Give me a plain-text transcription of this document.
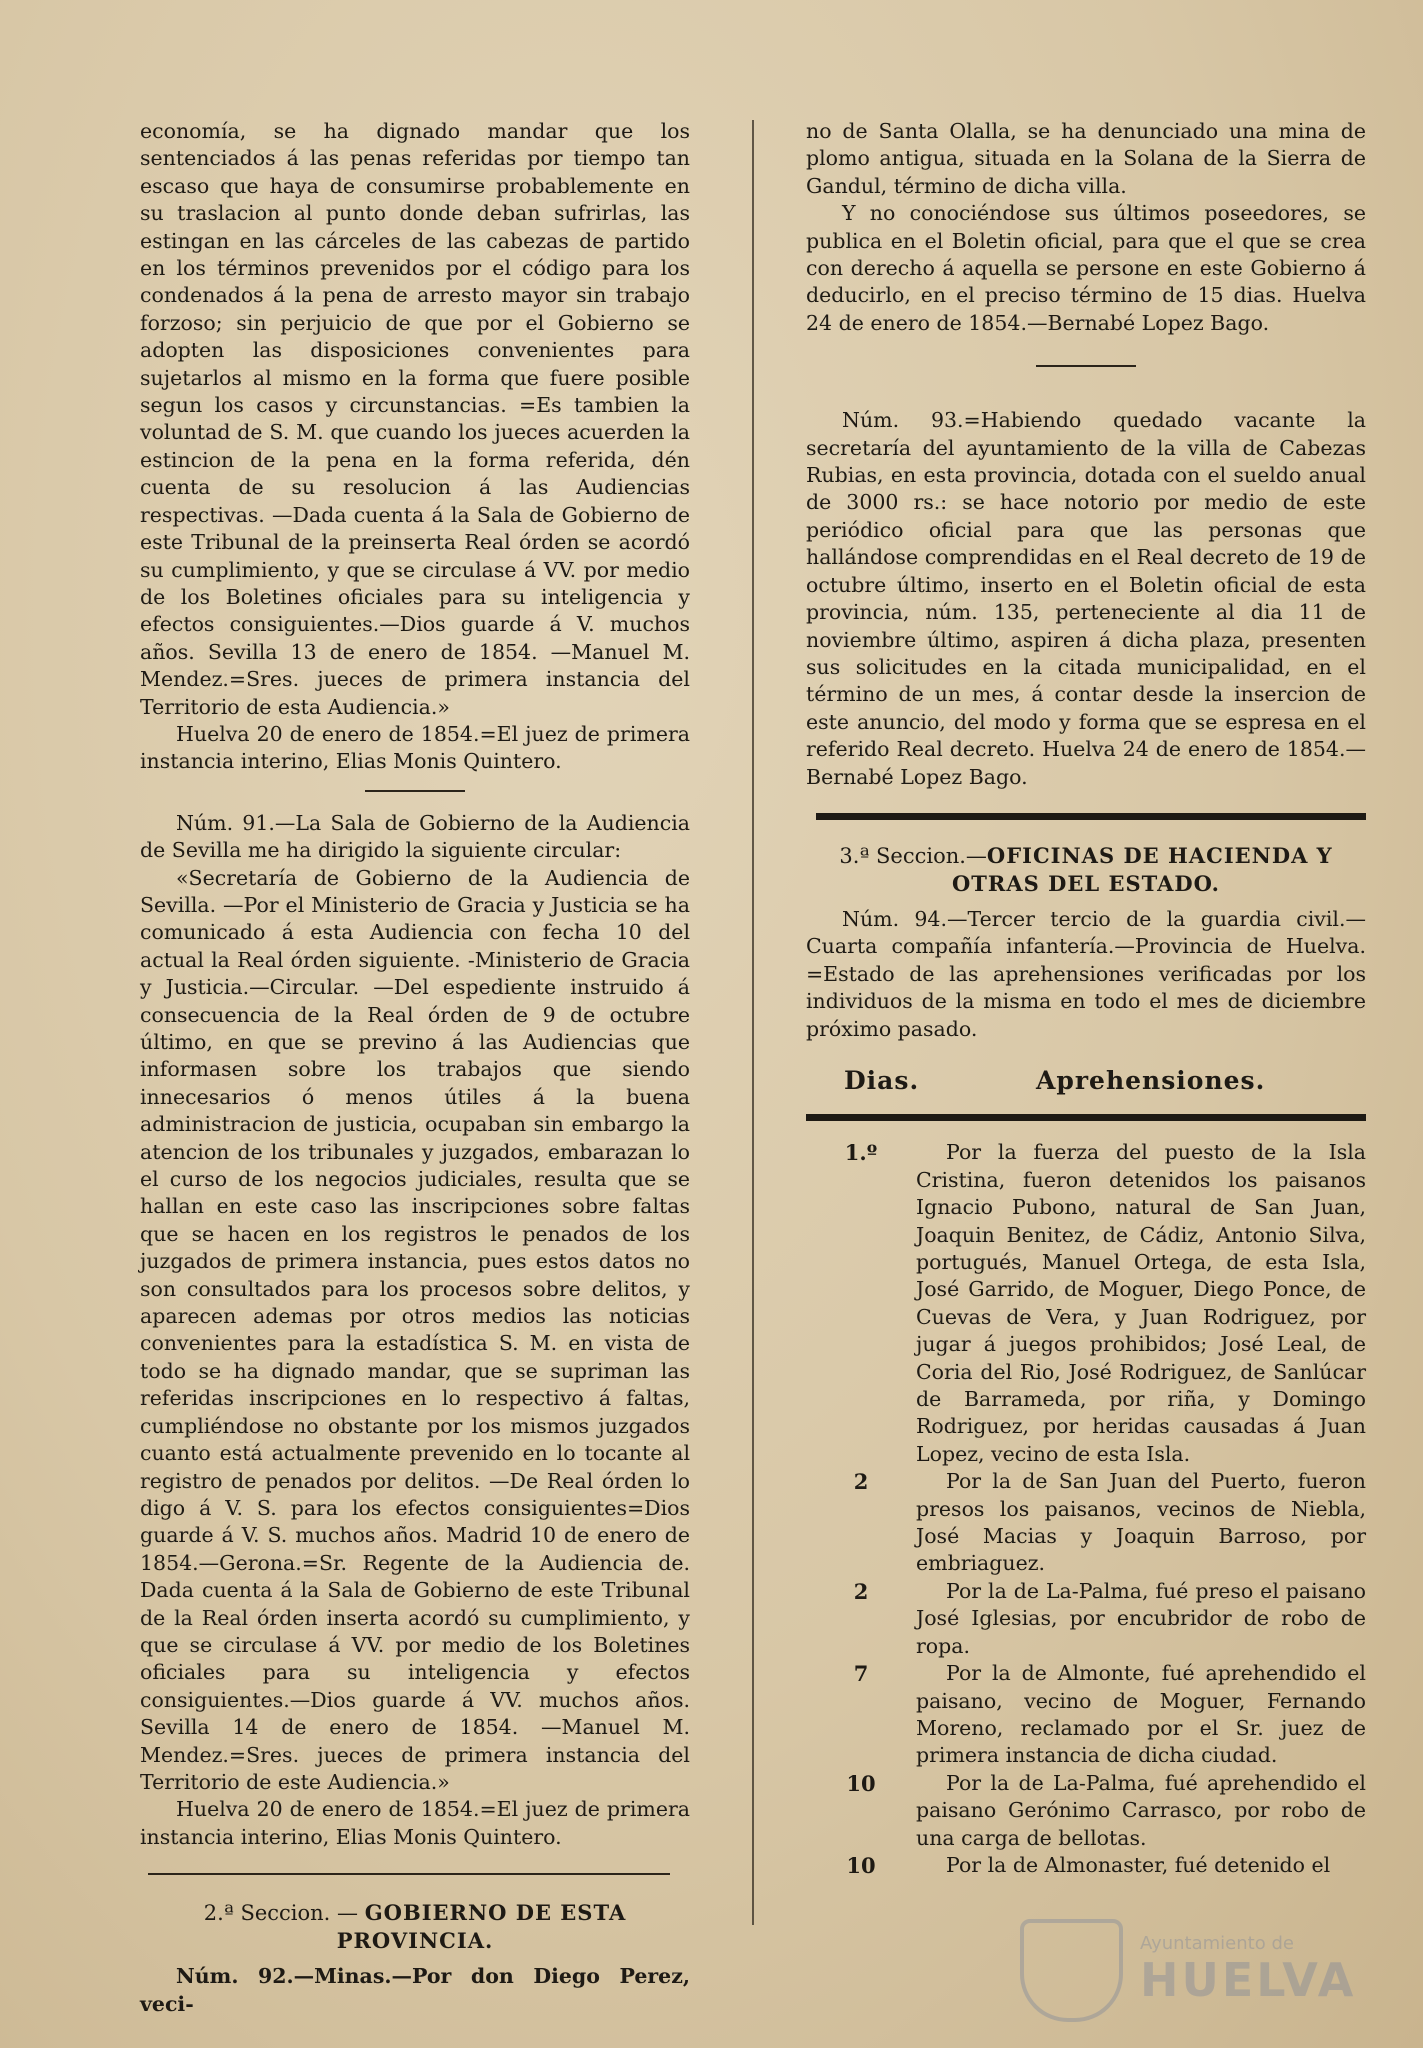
economía, se ha dignado mandar que los sentenciados á las penas referidas por tiempo tan escaso que haya de consumirse probablemente en su traslacion al punto donde deban sufrirlas, las estingan en las cárceles de las cabezas de partido en los términos prevenidos por el código para los condenados á la pena de arresto mayor sin trabajo forzoso; sin perjuicio de que por el Gobierno se adopten las disposiciones convenientes para sujetarlos al mismo en la forma que fuere posible segun los casos y circunstancias. =Es tambien la voluntad de S. M. que cuando los jueces acuerden la estincion de la pena en la forma referida, dén cuenta de su resolucion á las Audiencias respectivas. —Dada cuenta á la Sala de Gobierno de este Tribunal de la preinserta Real órden se acordó su cumplimiento, y que se circulase á VV. por medio de los Boletines oficiales para su inteligencia y efectos consiguientes.—Dios guarde á V. muchos años. Sevilla 13 de enero de 1854. —Manuel M. Mendez.=Sres. jueces de primera instancia del Territorio de esta Audiencia.»

Huelva 20 de enero de 1854.=El juez de primera instancia interino, Elias Monis Quintero.

Núm. 91.—La Sala de Gobierno de la Audiencia de Sevilla me ha dirigido la siguiente circular:

«Secretaría de Gobierno de la Audiencia de Sevilla. —Por el Ministerio de Gracia y Justicia se ha comunicado á esta Audiencia con fecha 10 del actual la Real órden siguiente. -Ministerio de Gracia y Justicia.—Circular. —Del espediente instruido á consecuencia de la Real órden de 9 de octubre último, en que se previno á las Audiencias que informasen sobre los trabajos que siendo innecesarios ó menos útiles á la buena administracion de justicia, ocupaban sin embargo la atencion de los tribunales y juzgados, embarazan lo el curso de los negocios judiciales, resulta que se hallan en este caso las inscripciones sobre faltas que se hacen en los registros le penados de los juzgados de primera instancia, pues estos datos no son consultados para los procesos sobre delitos, y aparecen ademas por otros medios las noticias convenientes para la estadística S. M. en vista de todo se ha dignado mandar, que se supriman las referidas inscripciones en lo respectivo á faltas, cumpliéndose no obstante por los mismos juzgados cuanto está actualmente prevenido en lo tocante al registro de penados por delitos. —De Real órden lo digo á V. S. para los efectos consiguientes=Dios guarde á V. S. muchos años. Madrid 10 de enero de 1854.—Gerona.=Sr. Regente de la Audiencia de. Dada cuenta á la Sala de Gobierno de este Tribunal de la Real órden inserta acordó su cumplimiento, y que se circulase á VV. por medio de los Boletines oficiales para su inteligencia y efectos consiguientes.—Dios guarde á VV. muchos años. Sevilla 14 de enero de 1854. —Manuel M. Mendez.=Sres. jueces de primera instancia del Territorio de este Audiencia.»

Huelva 20 de enero de 1854.=El juez de primera instancia interino, Elias Monis Quintero.

2.ª Seccion. — GOBIERNO DE ESTA PROVINCIA.

Núm. 92.—Minas.—Por don Diego Perez, veci-

no de Santa Olalla, se ha denunciado una mina de plomo antigua, situada en la Solana de la Sierra de Gandul, término de dicha villa.

Y no conociéndose sus últimos poseedores, se publica en el Boletin oficial, para que el que se crea con derecho á aquella se persone en este Gobierno á deducirlo, en el preciso término de 15 dias. Huelva 24 de enero de 1854.—Bernabé Lopez Bago.

Núm. 93.=Habiendo quedado vacante la secretaría del ayuntamiento de la villa de Cabezas Rubias, en esta provincia, dotada con el sueldo anual de 3000 rs.: se hace notorio por medio de este periódico oficial para que las personas que hallándose comprendidas en el Real decreto de 19 de octubre último, inserto en el Boletin oficial de esta provincia, núm. 135, perteneciente al dia 11 de noviembre último, aspiren á dicha plaza, presenten sus solicitudes en la citada municipalidad, en el término de un mes, á contar desde la insercion de este anuncio, del modo y forma que se espresa en el referido Real decreto. Huelva 24 de enero de 1854.—Bernabé Lopez Bago.

3.ª Seccion.—OFICINAS DE HACIENDA Y
OTRAS DEL ESTADO.

Núm. 94.—Tercer tercio de la guardia civil.—Cuarta compañía infantería.—Provincia de Huelva. =Estado de las aprehensiones verificadas por los individuos de la misma en todo el mes de diciembre próximo pasado.

Dias.	Aprehensiones.
1.º	Por la fuerza del puesto de la Isla Cristina, fueron detenidos los paisanos Ignacio Pubono, natural de San Juan, Joaquin Benitez, de Cádiz, Antonio Silva, portugués, Manuel Ortega, de esta Isla, José Garrido, de Moguer, Diego Ponce, de Cuevas de Vera, y Juan Rodriguez, por jugar á juegos prohibidos; José Leal, de Coria del Rio, José Rodriguez, de Sanlúcar de Barrameda, por riña, y Domingo Rodriguez, por heridas causadas á Juan Lopez, vecino de esta Isla.
2	Por la de San Juan del Puerto, fueron presos los paisanos, vecinos de Niebla, José Macias y Joaquin Barroso, por embriaguez.
2	Por la de La-Palma, fué preso el paisano José Iglesias, por encubridor de robo de ropa.
7	Por la de Almonte, fué aprehendido el paisano, vecino de Moguer, Fernando Moreno, reclamado por el Sr. juez de primera instancia de dicha ciudad.
10	Por la de La-Palma, fué aprehendido el paisano Gerónimo Carrasco, por robo de una carga de bellotas.
10	Por la de Almonaster, fué detenido el
Ayuntamiento de
HUELVA
